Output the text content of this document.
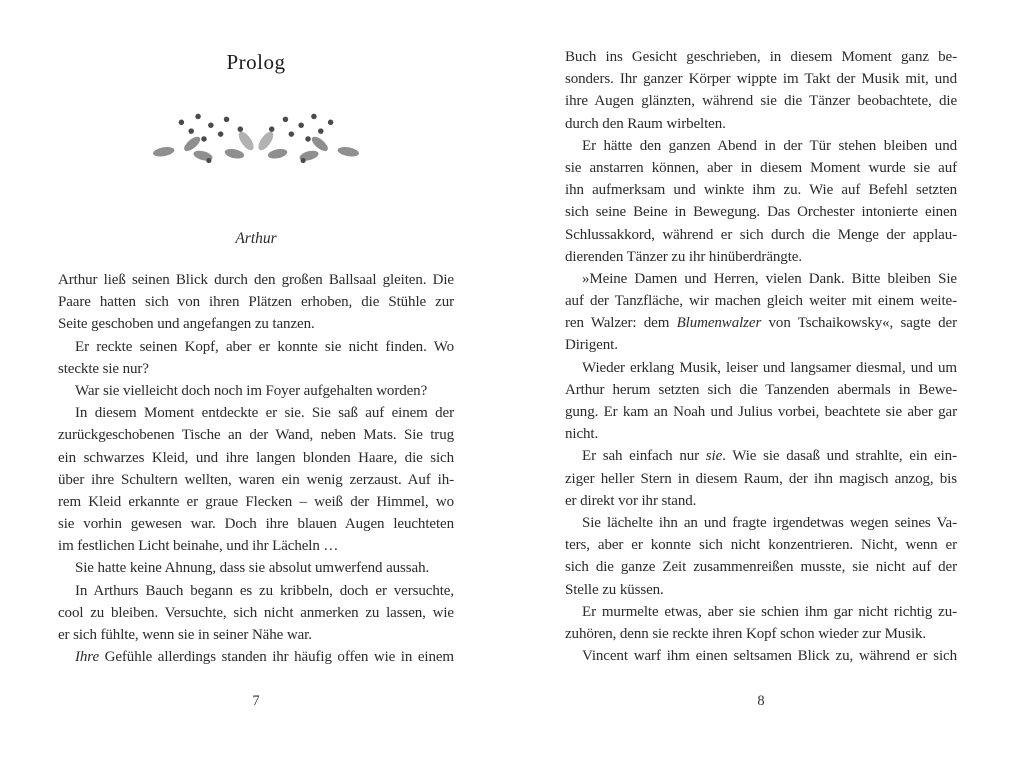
Prolog
Arthur
Arthur ließ seinen Blick durch den großen Ballsaal gleiten. Die
Paare hatten sich von ihren Plätzen erhoben, die Stühle zur
Seite geschoben und angefangen zu tanzen.
Er reckte seinen Kopf, aber er konnte sie nicht finden. Wo
steckte sie nur?
War sie vielleicht doch noch im Foyer aufgehalten worden?
In diesem Moment entdeckte er sie. Sie saß auf einem der
zurückgeschobenen Tische an der Wand, neben Mats. Sie trug
ein schwarzes Kleid, und ihre langen blonden Haare, die sich
über ihre Schultern wellten, waren ein wenig zerzaust. Auf ih-
rem Kleid erkannte er graue Flecken – weiß der Himmel, wo
sie vorhin gewesen war. Doch ihre blauen Augen leuchteten
im festlichen Licht beinahe, und ihr Lächeln …
Sie hatte keine Ahnung, dass sie absolut umwerfend aussah.
In Arthurs Bauch begann es zu kribbeln, doch er versuchte,
cool zu bleiben. Versuchte, sich nicht anmerken zu lassen, wie
er sich fühlte, wenn sie in seiner Nähe war.
Ihre Gefühle allerdings standen ihr häufig offen wie in einem
7
Buch ins Gesicht geschrieben, in diesem Moment ganz be-
sonders. Ihr ganzer Körper wippte im Takt der Musik mit, und
ihre Augen glänzten, während sie die Tänzer beobachtete, die
durch den Raum wirbelten.
Er hätte den ganzen Abend in der Tür stehen bleiben und
sie anstarren können, aber in diesem Moment wurde sie auf
ihn aufmerksam und winkte ihm zu. Wie auf Befehl setzten
sich seine Beine in Bewegung. Das Orchester intonierte einen
Schlussakkord, während er sich durch die Menge der applau-
dierenden Tänzer zu ihr hinüberdrängte.
»Meine Damen und Herren, vielen Dank. Bitte bleiben Sie
auf der Tanzfläche, wir machen gleich weiter mit einem weite-
ren Walzer: dem Blumenwalzer von Tschaikowsky«, sagte der
Dirigent.
Wieder erklang Musik, leiser und langsamer diesmal, und um
Arthur herum setzten sich die Tanzenden abermals in Bewe-
gung. Er kam an Noah und Julius vorbei, beachtete sie aber gar
nicht.
Er sah einfach nur sie. Wie sie dasaß und strahlte, ein ein-
ziger heller Stern in diesem Raum, der ihn magisch anzog, bis
er direkt vor ihr stand.
Sie lächelte ihn an und fragte irgendetwas wegen seines Va-
ters, aber er konnte sich nicht konzentrieren. Nicht, wenn er
sich die ganze Zeit zusammenreißen musste, sie nicht auf der
Stelle zu küssen.
Er murmelte etwas, aber sie schien ihm gar nicht richtig zu-
zuhören, denn sie reckte ihren Kopf schon wieder zur Musik.
Vincent warf ihm einen seltsamen Blick zu, während er sich
8
